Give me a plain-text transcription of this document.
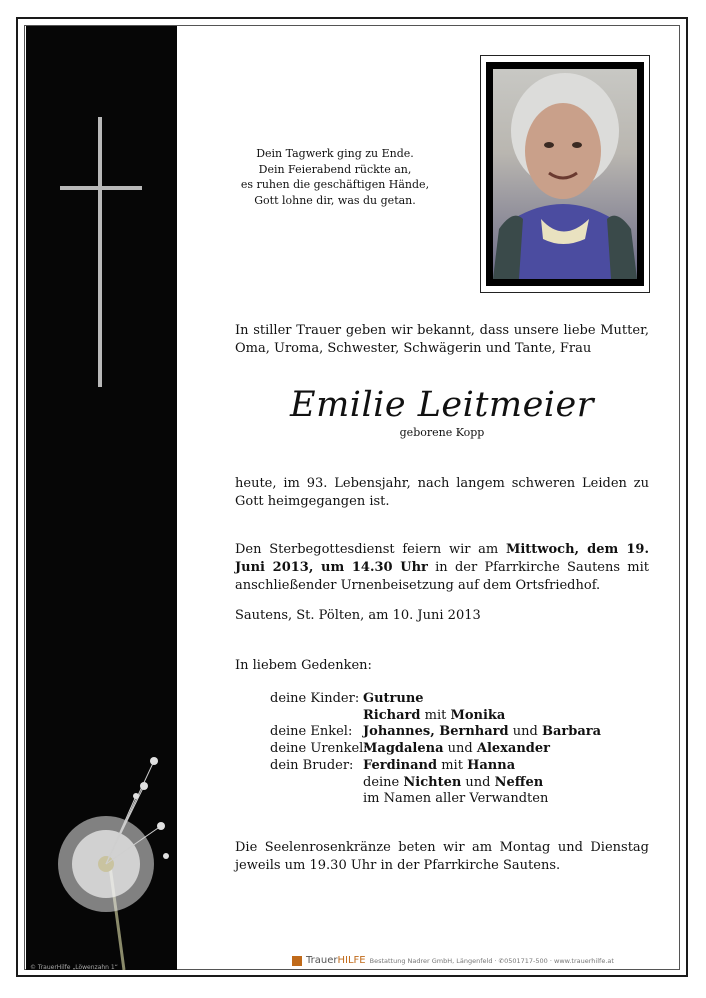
© TrauerHilfe „Löwenzahn 1“
Dein Tagwerk ging zu Ende.
Dein Feierabend rückte an,
es ruhen die geschäftigen Hände,
Gott lohne dir, was du getan.
In stiller Trauer geben wir bekannt, dass unsere liebe Mutter, Oma, Uroma, Schwester, Schwägerin und Tante, Frau
Emilie Leitmeier
geborene Kopp
heute, im 93. Lebensjahr, nach langem schweren Leiden zu Gott heimgegangen ist.
Den Sterbegottesdienst feiern wir am Mittwoch, dem 19. Juni 2013, um 14.30 Uhr in der Pfarrkirche Sautens mit anschließender Urnenbeisetzung auf dem Ortsfriedhof.
Sautens, St. Pölten, am 10. Juni 2013
In liebem Gedenken:
deine Kinder: Gutrune
Richard mit Monika
deine Enkel: Johannes, Bernhard und Barbara
deine Urenkel:
Magdalena und Alexander
dein Bruder: Ferdinand mit Hanna
deine Nichten und Neffen
im Namen aller Verwandten
Die Seelenrosenkränze beten wir am Montag und Dienstag jeweils um 19.30 Uhr in der Pfarrkirche Sautens.
TrauerHILFE Bestattung Nadrer GmbH, Längenfeld · ✆0501717-500 · www.trauerhilfe.at
